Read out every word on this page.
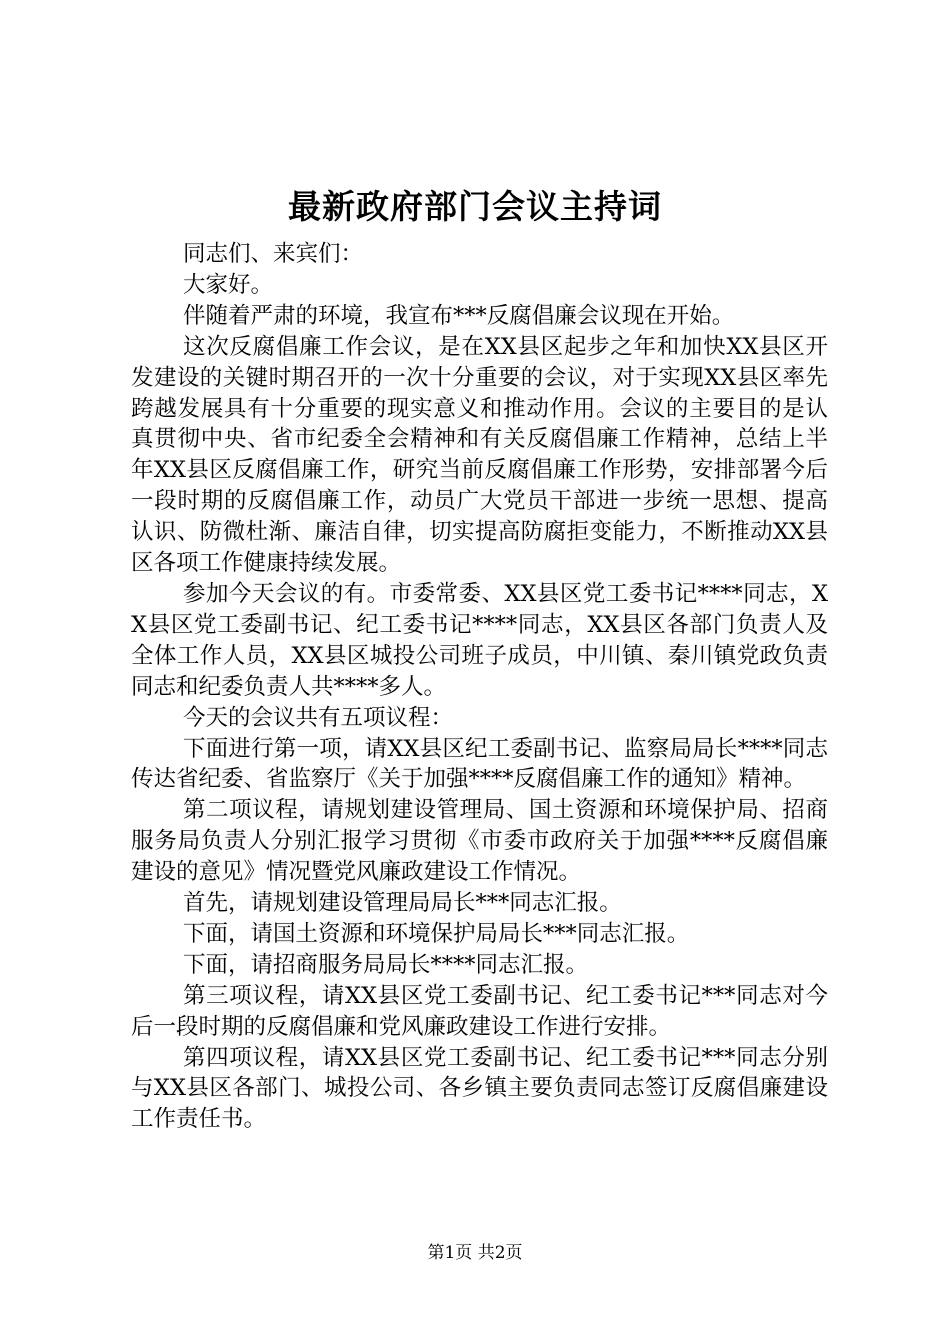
最新政府部门会议主持词

同志们、来宾们：

大家好。

伴随着严肃的环境，我宣布***反腐倡廉会议现在开始。

这次反腐倡廉工作会议，是在XX县区起步之年和加快XX县区开发建设的关键时期召开的一次十分重要的会议，对于实现XX县区率先跨越发展具有十分重要的现实意义和推动作用。会议的主要目的是认真贯彻中央、省市纪委全会精神和有关反腐倡廉工作精神，总结上半年XX县区反腐倡廉工作，研究当前反腐倡廉工作形势，安排部署今后一段时期的反腐倡廉工作，动员广大党员干部进一步统一思想、提高认识、防微杜渐、廉洁自律，切实提高防腐拒变能力，不断推动XX县区各项工作健康持续发展。

参加今天会议的有。市委常委、XX县区党工委书记****同志，XX县区党工委副书记、纪工委书记****同志，XX县区各部门负责人及全体工作人员，XX县区城投公司班子成员，中川镇、秦川镇党政负责同志和纪委负责人共****多人。

今天的会议共有五项议程：

下面进行第一项，请XX县区纪工委副书记、监察局局长****同志传达省纪委、省监察厅《关于加强****反腐倡廉工作的通知》精神。

第二项议程，请规划建设管理局、国土资源和环境保护局、招商服务局负责人分别汇报学习贯彻《市委市政府关于加强****反腐倡廉建设的意见》情况暨党风廉政建设工作情况。

首先，请规划建设管理局局长***同志汇报。

下面，请国土资源和环境保护局局长***同志汇报。

下面，请招商服务局局长****同志汇报。

第三项议程，请XX县区党工委副书记、纪工委书记***同志对今后一段时期的反腐倡廉和党风廉政建设工作进行安排。

第四项议程，请XX县区党工委副书记、纪工委书记***同志分别与XX县区各部门、城投公司、各乡镇主要负责同志签订反腐倡廉建设工作责任书。

第1页 共2页
